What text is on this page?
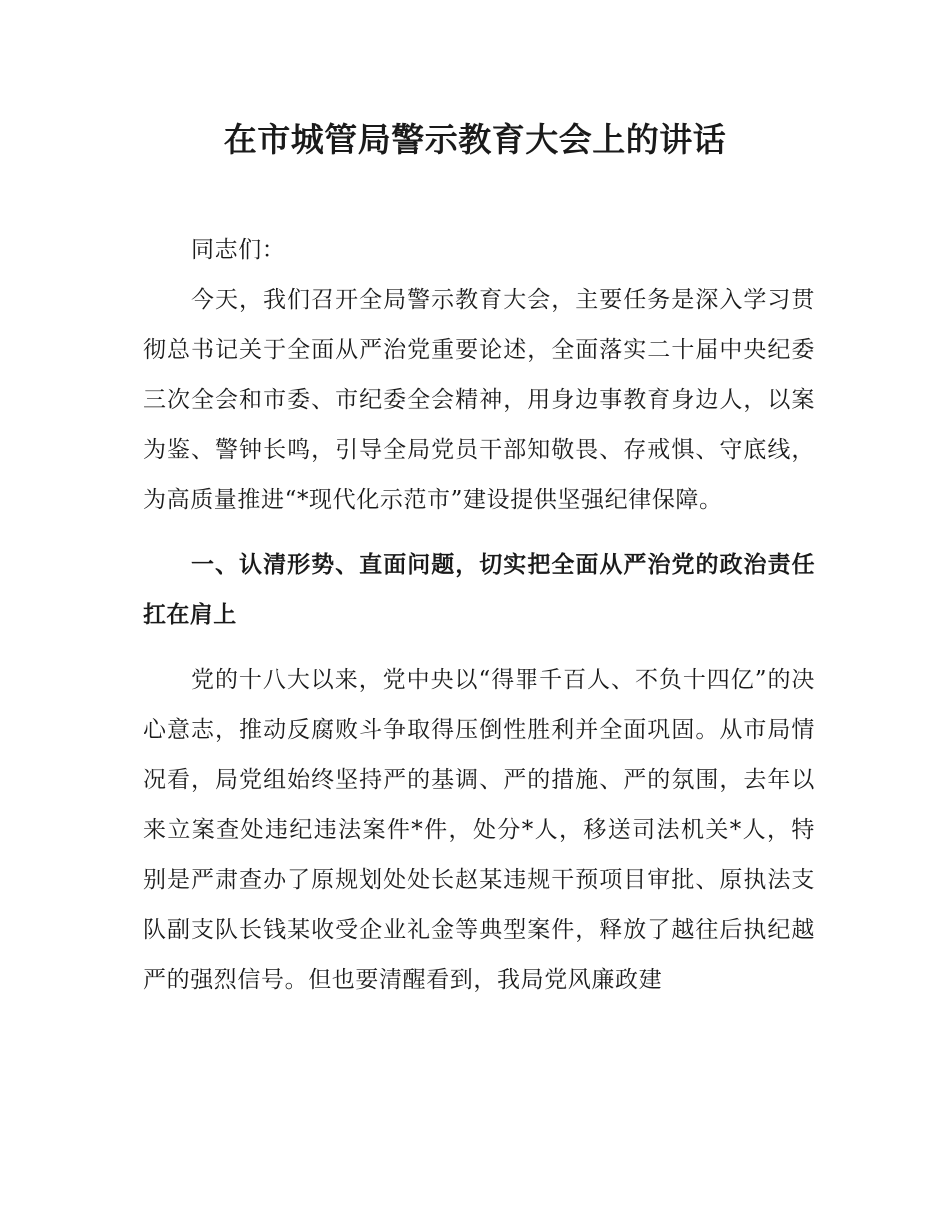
在市城管局警示教育大会上的讲话

同志们：

今天，我们召开全局警示教育大会，主要任务是深入学习贯彻总书记关于全面从严治党重要论述，全面落实二十届中央纪委三次全会和市委、市纪委全会精神，用身边事教育身边人，以案为鉴、警钟长鸣，引导全局党员干部知敬畏、存戒惧、守底线，为高质量推进“*现代化示范市”建设提供坚强纪律保障。

一、认清形势、直面问题，切实把全面从严治党的政治责任扛在肩上

党的十八大以来，党中央以“得罪千百人、不负十四亿”的决心意志，推动反腐败斗争取得压倒性胜利并全面巩固。从市局情况看，局党组始终坚持严的基调、严的措施、严的氛围，去年以来立案查处违纪违法案件*件，处分*人，移送司法机关*人，特别是严肃查办了原规划处处长赵某违规干预项目审批、原执法支队副支队长钱某收受企业礼金等典型案件，释放了越往后执纪越严的强烈信号。但也要清醒看到，我局党风廉政建
